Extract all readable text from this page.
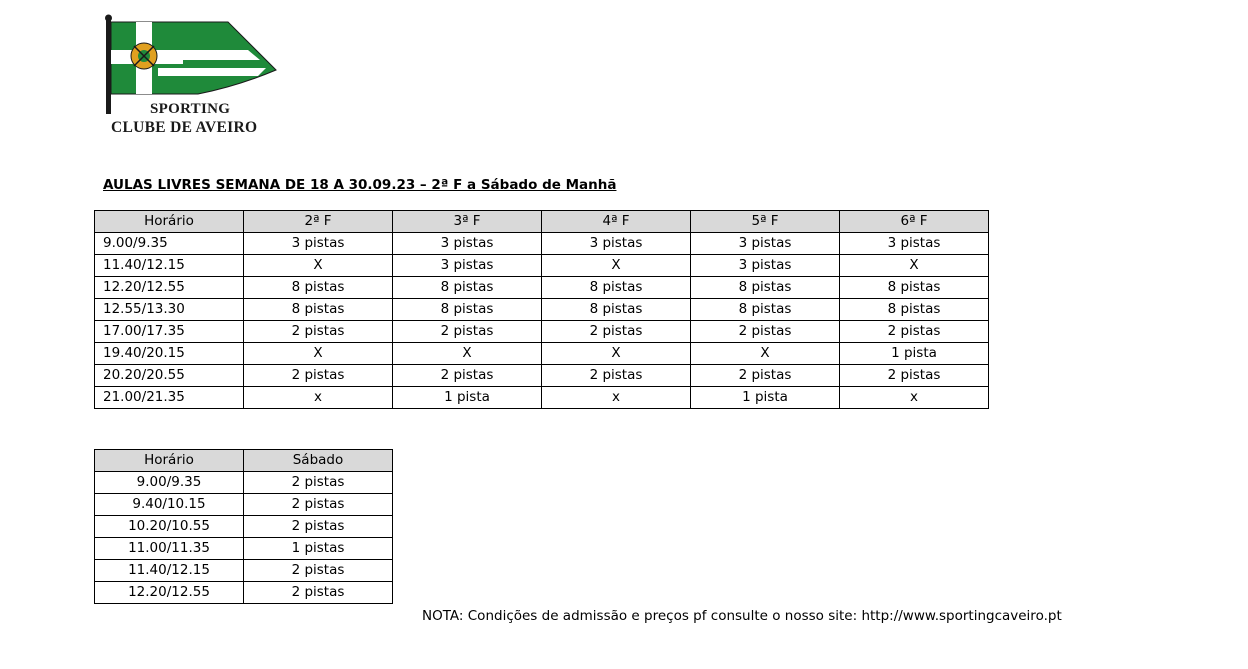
SPORTING
CLUBE DE AVEIRO
AULAS LIVRES SEMANA DE 18 A 30.09.23 – 2ª F a Sábado de Manhã
Horário	2ª F	3ª F	4ª F	5ª F	6ª F
9.00/9.35	3 pistas	3 pistas	3 pistas	3 pistas	3 pistas
11.40/12.15	X	3 pistas	X	3 pistas	X
12.20/12.55	8 pistas	8 pistas	8 pistas	8 pistas	8 pistas
12.55/13.30	8 pistas	8 pistas	8 pistas	8 pistas	8 pistas
17.00/17.35	2 pistas	2 pistas	2 pistas	2 pistas	2 pistas
19.40/20.15	X	X	X	X	1 pista
20.20/20.55	2 pistas	2 pistas	2 pistas	2 pistas	2 pistas
21.00/21.35	x	1 pista	x	1 pista	x
Horário	Sábado
9.00/9.35	2 pistas
9.40/10.15	2 pistas
10.20/10.55	2 pistas
11.00/11.35	1 pistas
11.40/12.15	2 pistas
12.20/12.55	2 pistas
NOTA: Condições de admissão e preços pf consulte o nosso site: http://www.sportingcaveiro.pt
